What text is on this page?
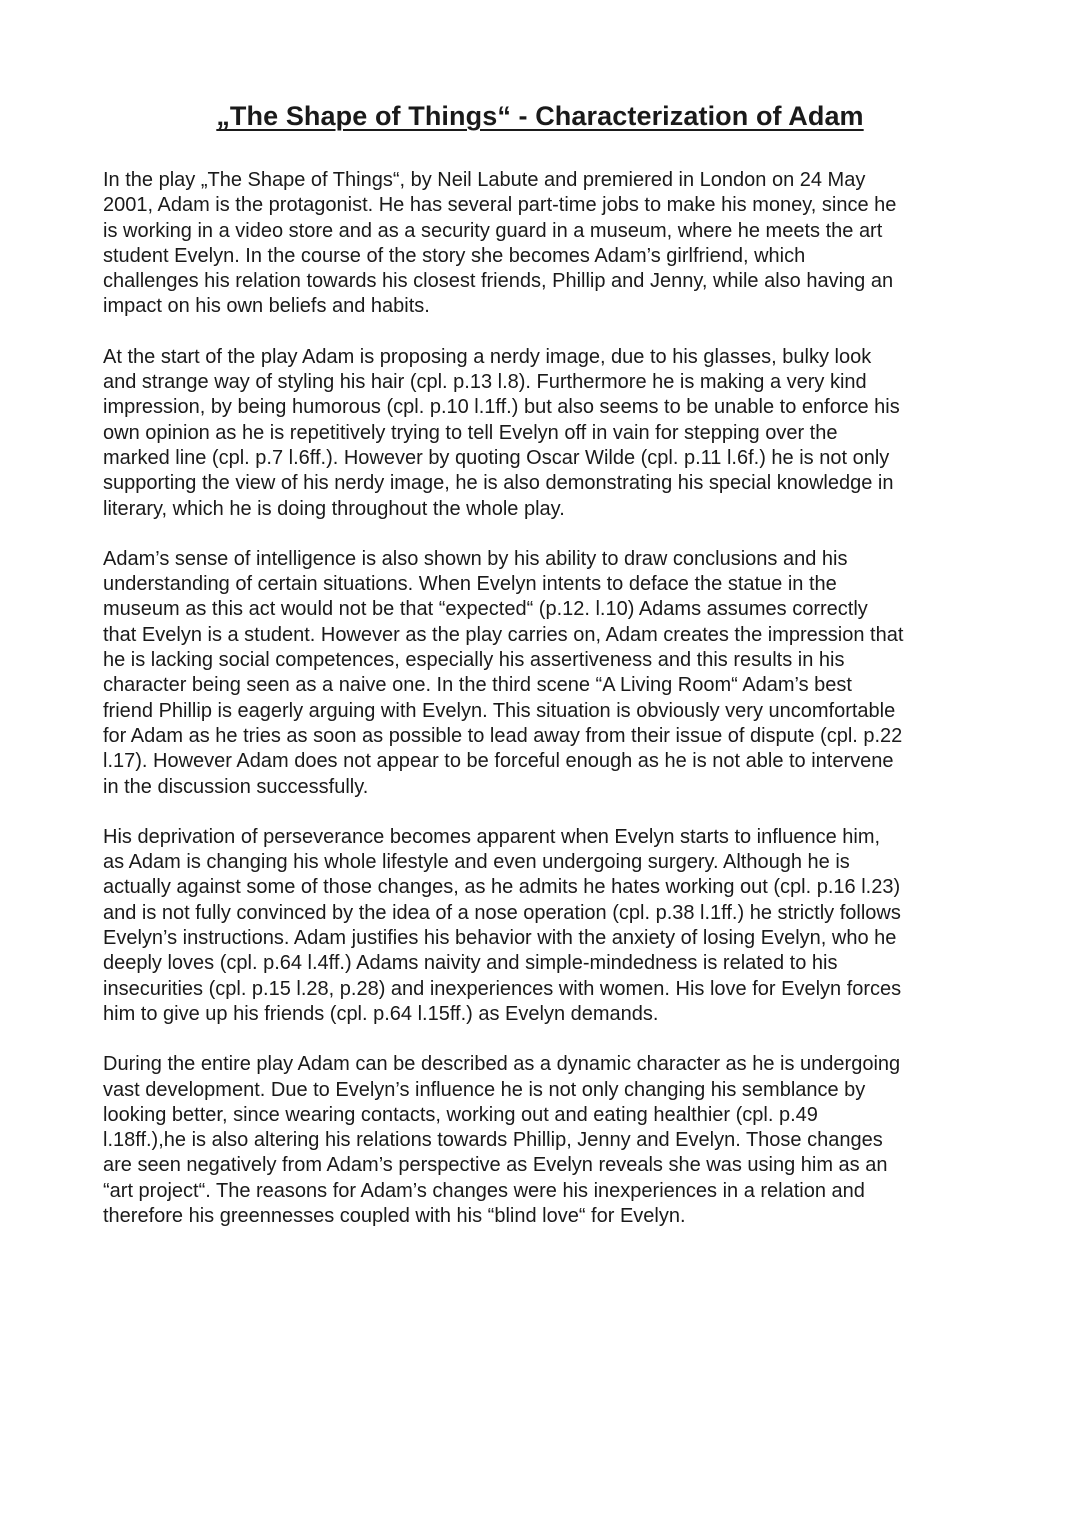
„The Shape of Things“ - Characterization of Adam

In the play „The Shape of Things“, by Neil Labute and premiered in London on 24 May
2001, Adam is the protagonist. He has several part-time jobs to make his money, since he
is working in a video store and as a security guard in a museum, where he meets the art
student Evelyn. In the course of the story she becomes Adam’s girlfriend, which
challenges his relation towards his closest friends, Phillip and Jenny, while also having an
impact on his own beliefs and habits.

At the start of the play Adam is proposing a nerdy image, due to his glasses, bulky look
and strange way of styling his hair (cpl. p.13 l.8). Furthermore he is making a very kind
impression, by being humorous (cpl. p.10 l.1ff.) but also seems to be unable to enforce his
own opinion as he is repetitively trying to tell Evelyn off in vain for stepping over the
marked line (cpl. p.7 l.6ff.). However by quoting Oscar Wilde (cpl. p.11 l.6f.) he is not only
supporting the view of his nerdy image, he is also demonstrating his special knowledge in
literary, which he is doing throughout the whole play.

Adam’s sense of intelligence is also shown by his ability to draw conclusions and his
understanding of certain situations. When Evelyn intents to deface the statue in the
museum as this act would not be that “expected“ (p.12. l.10) Adams assumes correctly
that Evelyn is a student. However as the play carries on, Adam creates the impression that
he is lacking social competences, especially his assertiveness and this results in his
character being seen as a naive one. In the third scene “A Living Room“ Adam’s best
friend Phillip is eagerly arguing with Evelyn. This situation is obviously very uncomfortable
for Adam as he tries as soon as possible to lead away from their issue of dispute (cpl. p.22
l.17). However Adam does not appear to be forceful enough as he is not able to intervene
in the discussion successfully.

His deprivation of perseverance becomes apparent when Evelyn starts to influence him,
as Adam is changing his whole lifestyle and even undergoing surgery. Although he is
actually against some of those changes, as he admits he hates working out (cpl. p.16 l.23)
and is not fully convinced by the idea of a nose operation (cpl. p.38 l.1ff.) he strictly follows
Evelyn’s instructions. Adam justifies his behavior with the anxiety of losing Evelyn, who he
deeply loves (cpl. p.64 l.4ff.) Adams naivity and simple-mindedness is related to his
insecurities (cpl. p.15 l.28, p.28) and inexperiences with women. His love for Evelyn forces
him to give up his friends (cpl. p.64 l.15ff.) as Evelyn demands.

During the entire play Adam can be described as a dynamic character as he is undergoing
vast development. Due to Evelyn’s influence he is not only changing his semblance by
looking better, since wearing contacts, working out and eating healthier (cpl. p.49
l.18ff.),he is also altering his relations towards Phillip, Jenny and Evelyn. Those changes
are seen negatively from Adam’s perspective as Evelyn reveals she was using him as an
“art project“. The reasons for Adam’s changes were his inexperiences in a relation and
therefore his greennesses coupled with his “blind love“ for Evelyn.
